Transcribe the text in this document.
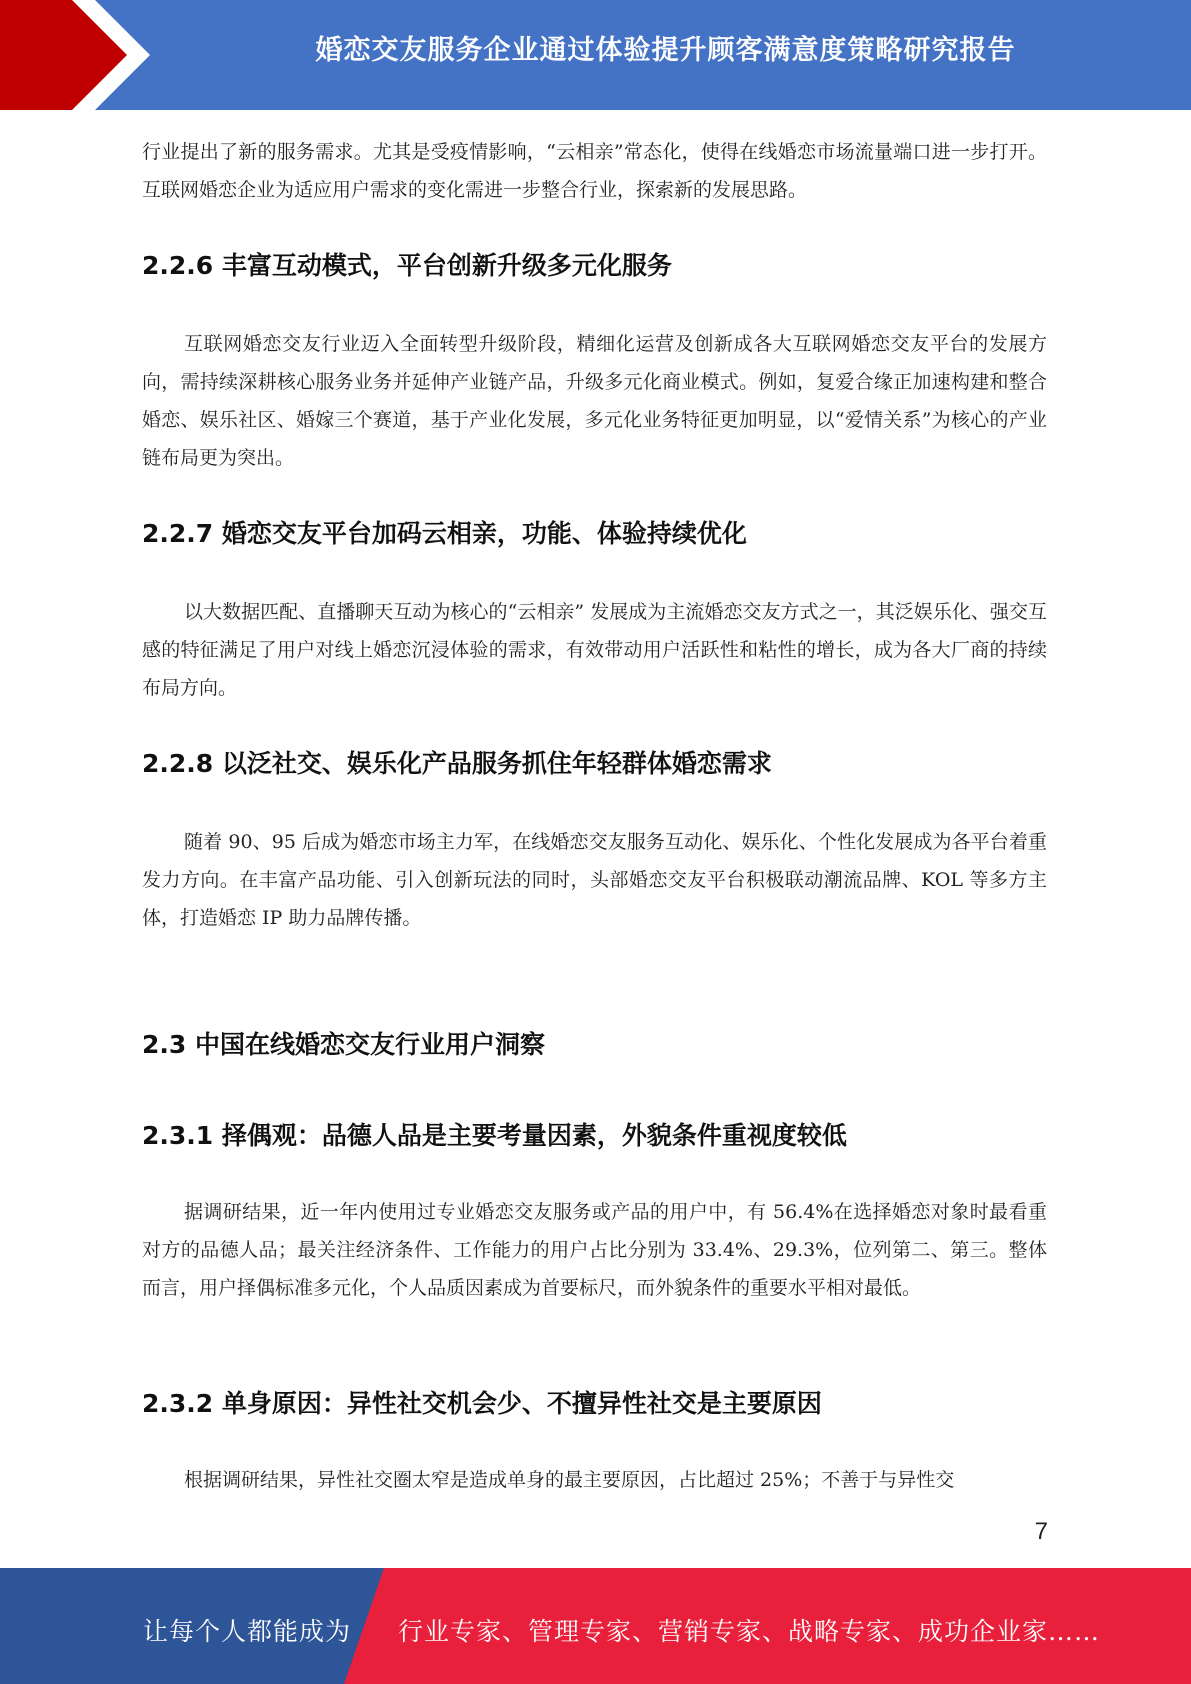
婚恋交友服务企业通过体验提升顾客满意度策略研究报告

行业提出了新的服务需求。尤其是受疫情影响，“云相亲”常态化，使得在线婚恋市场流量端口进一步打开。互联网婚恋企业为适应用户需求的变化需进一步整合行业，探索新的发展思路。

2.2.6 丰富互动模式，平台创新升级多元化服务

互联网婚恋交友行业迈入全面转型升级阶段，精细化运营及创新成各大互联网婚恋交友平台的发展方向，需持续深耕核心服务业务并延伸产业链产品，升级多元化商业模式。例如，复爱合缘正加速构建和整合婚恋、娱乐社区、婚嫁三个赛道，基于产业化发展，多元化业务特征更加明显，以“爱情关系”为核心的产业链布局更为突出。

2.2.7 婚恋交友平台加码云相亲，功能、体验持续优化

以大数据匹配、直播聊天互动为核心的“云相亲” 发展成为主流婚恋交友方式之一，其泛娱乐化、强交互感的特征满足了用户对线上婚恋沉浸体验的需求，有效带动用户活跃性和粘性的增长，成为各大厂商的持续布局方向。

2.2.8 以泛社交、娱乐化产品服务抓住年轻群体婚恋需求

随着 90、95 后成为婚恋市场主力军，在线婚恋交友服务互动化、娱乐化、个性化发展成为各平台着重发力方向。在丰富产品功能、引入创新玩法的同时，头部婚恋交友平台积极联动潮流品牌、KOL 等多方主体，打造婚恋 IP 助力品牌传播。

2.3 中国在线婚恋交友行业用户洞察
2.3.1 择偶观：品德人品是主要考量因素，外貌条件重视度较低

据调研结果，近一年内使用过专业婚恋交友服务或产品的用户中，有 56.4%在选择婚恋对象时最看重对方的品德人品；最关注经济条件、工作能力的用户占比分别为 33.4%、29.3%，位列第二、第三。整体而言，用户择偶标准多元化，个人品质因素成为首要标尺，而外貌条件的重要水平相对最低。

2.3.2 单身原因：异性社交机会少、不擅异性社交是主要原因

根据调研结果，异性社交圈太窄是造成单身的最主要原因，占比超过 25%；不善于与异性交

7
让每个人都能成为 行业专家、管理专家、营销专家、战略专家、成功企业家……
